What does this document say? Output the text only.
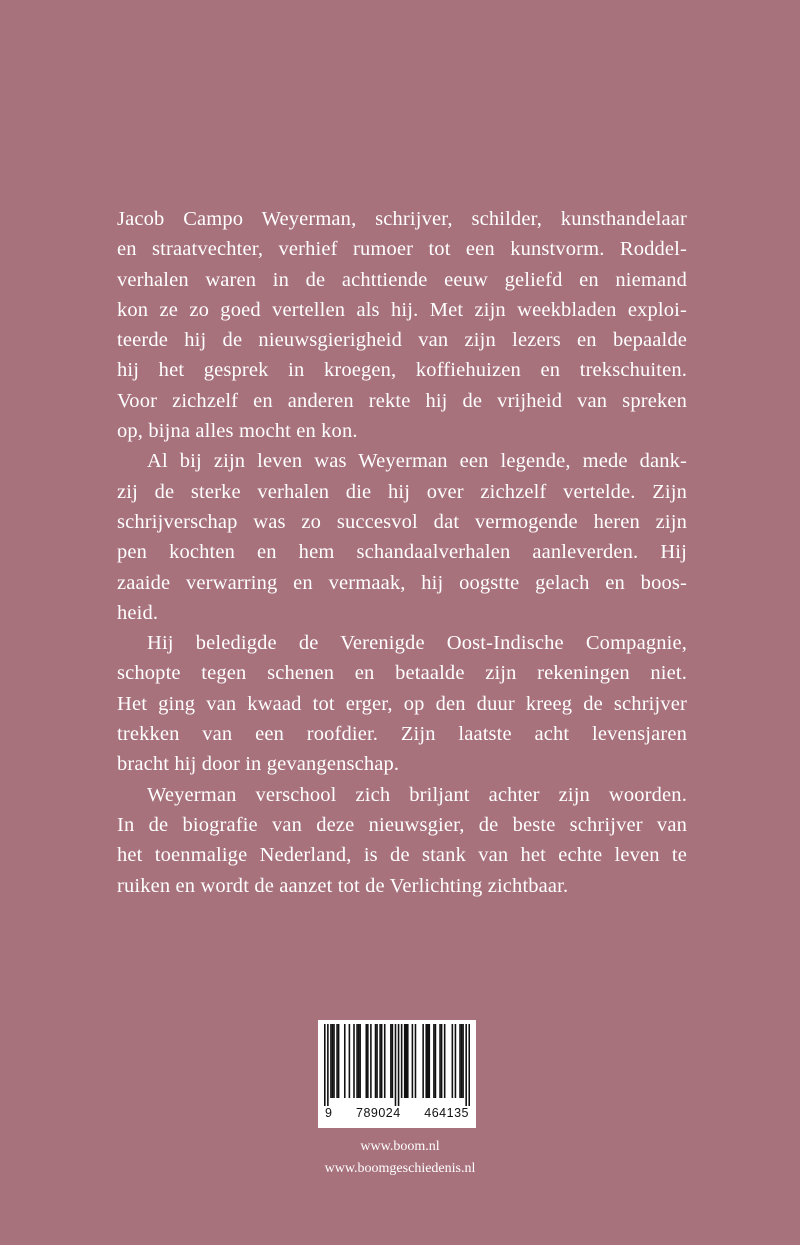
Jacob Campo Weyerman, schrijver, schilder, kunsthandelaar
en straatvechter, verhief rumoer tot een kunstvorm. Roddel-
verhalen waren in de achttiende eeuw geliefd en niemand
kon ze zo goed vertellen als hij. Met zijn weekbladen exploi-
teerde hij de nieuwsgierigheid van zijn lezers en bepaalde
hij het gesprek in kroegen, koffiehuizen en trekschuiten.
Voor zichzelf en anderen rekte hij de vrijheid van spreken
op, bijna alles mocht en kon.

Al bij zijn leven was Weyerman een legende, mede dank-
zij de sterke verhalen die hij over zichzelf vertelde. Zijn
schrijverschap was zo succesvol dat vermogende heren zijn
pen kochten en hem schandaalverhalen aanleverden. Hij
zaaide verwarring en vermaak, hij oogstte gelach en boos-
heid.

Hij beledigde de Verenigde Oost-Indische Compagnie,
schopte tegen schenen en betaalde zijn rekeningen niet.
Het ging van kwaad tot erger, op den duur kreeg de schrijver
trekken van een roofdier. Zijn laatste acht levensjaren
bracht hij door in gevangenschap.

Weyerman verschool zich briljant achter zijn woorden.
In de biografie van deze nieuwsgier, de beste schrijver van
het toenmalige Nederland, is de stank van het echte leven te
ruiken en wordt de aanzet tot de Verlichting zichtbaar.

9 789024 464135
www.boom.nl
www.boomgeschiedenis.nl
